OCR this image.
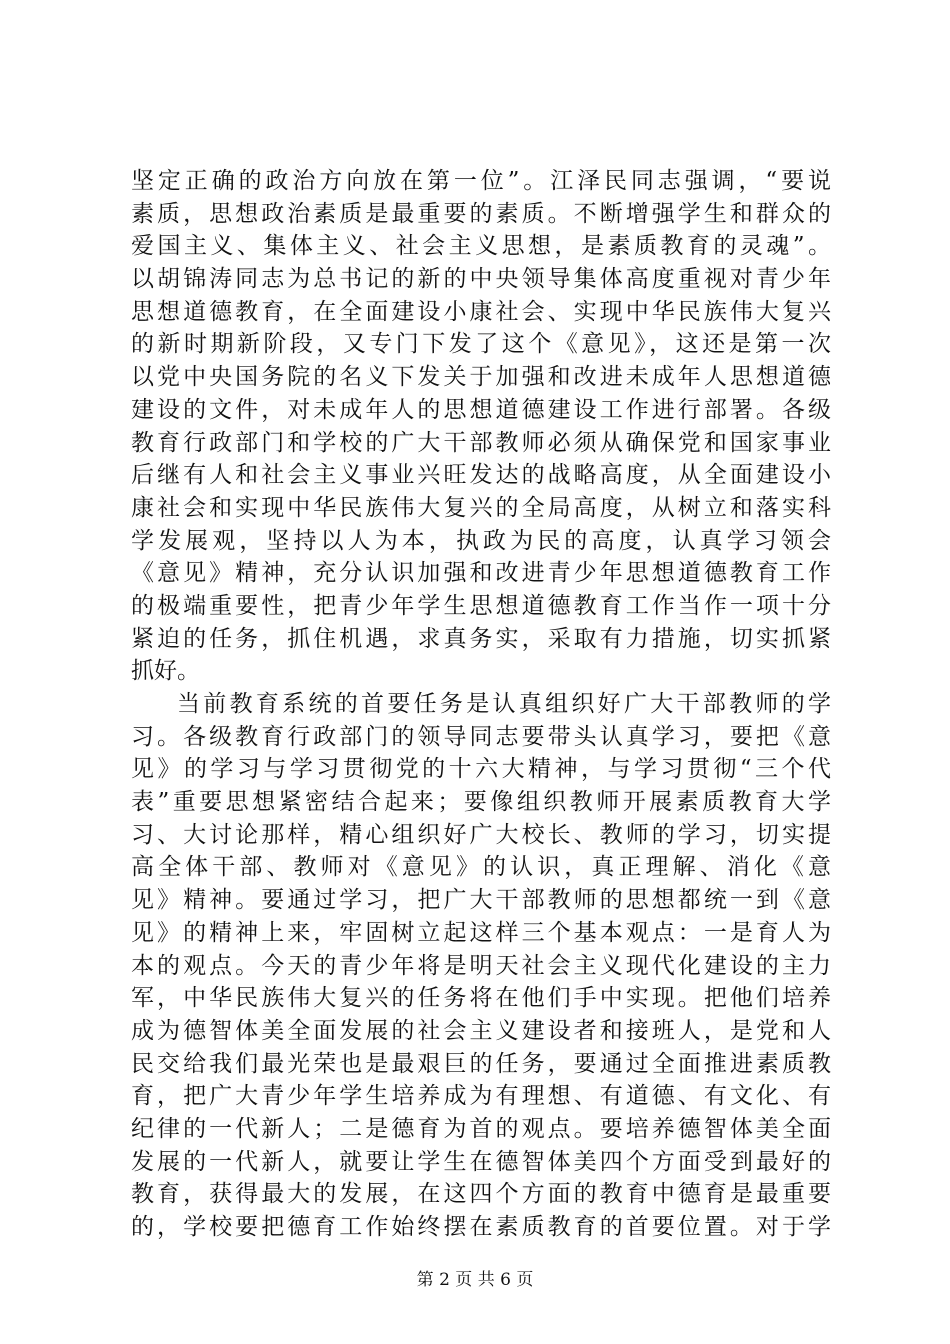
坚定正确的政治方向放在第一位”。江泽民同志强调，“要说
素质，思想政治素质是最重要的素质。不断增强学生和群众的
爱国主义、集体主义、社会主义思想，是素质教育的灵魂”。
以胡锦涛同志为总书记的新的中央领导集体高度重视对青少年
思想道德教育，在全面建设小康社会、实现中华民族伟大复兴
的新时期新阶段，又专门下发了这个《意见》，这还是第一次
以党中央国务院的名义下发关于加强和改进未成年人思想道德
建设的文件，对未成年人的思想道德建设工作进行部署。各级
教育行政部门和学校的广大干部教师必须从确保党和国家事业
后继有人和社会主义事业兴旺发达的战略高度，从全面建设小
康社会和实现中华民族伟大复兴的全局高度，从树立和落实科
学发展观，坚持以人为本，执政为民的高度，认真学习领会
《意见》精神，充分认识加强和改进青少年思想道德教育工作
的极端重要性，把青少年学生思想道德教育工作当作一项十分
紧迫的任务，抓住机遇，求真务实，采取有力措施，切实抓紧
抓好。
当前教育系统的首要任务是认真组织好广大干部教师的学
习。各级教育行政部门的领导同志要带头认真学习，要把《意
见》的学习与学习贯彻党的十六大精神，与学习贯彻“三个代
表”重要思想紧密结合起来；要像组织教师开展素质教育大学
习、大讨论那样，精心组织好广大校长、教师的学习，切实提
高全体干部、教师对《意见》的认识，真正理解、消化《意
见》精神。要通过学习，把广大干部教师的思想都统一到《意
见》的精神上来，牢固树立起这样三个基本观点：一是育人为
本的观点。今天的青少年将是明天社会主义现代化建设的主力
军，中华民族伟大复兴的任务将在他们手中实现。把他们培养
成为德智体美全面发展的社会主义建设者和接班人，是党和人
民交给我们最光荣也是最艰巨的任务，要通过全面推进素质教
育，把广大青少年学生培养成为有理想、有道德、有文化、有
纪律的一代新人；二是德育为首的观点。要培养德智体美全面
发展的一代新人，就要让学生在德智体美四个方面受到最好的
教育，获得最大的发展，在这四个方面的教育中德育是最重要
的，学校要把德育工作始终摆在素质教育的首要位置。对于学
第 2 页 共 6 页
